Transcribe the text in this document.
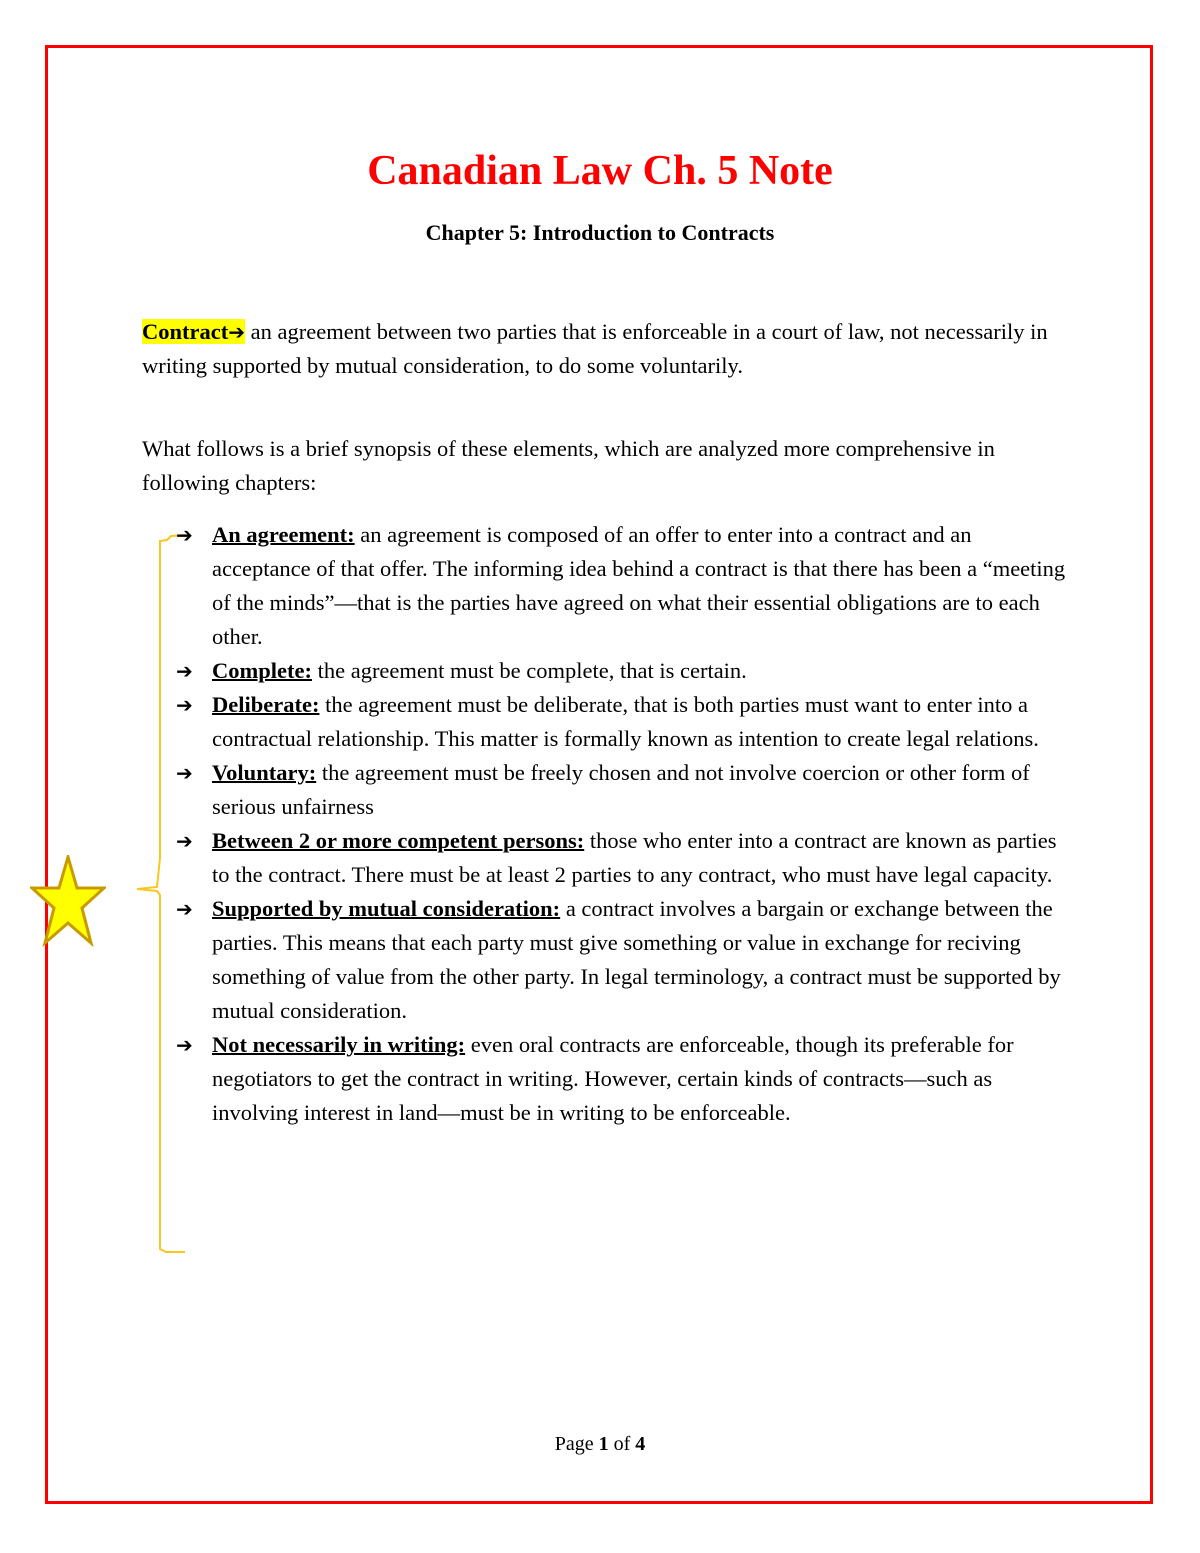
Canadian Law Ch. 5 Note
Chapter 5: Introduction to Contracts

Contract➔ an agreement between two parties that is enforceable in a court of law, not necessarily in writing supported by mutual consideration, to do some voluntarily.

What follows is a brief synopsis of these elements, which are analyzed more comprehensive in following chapters:

➔ An agreement: an agreement is composed of an offer to enter into a contract and an acceptance of that offer. The informing idea behind a contract is that there has been a “meeting of the minds”—that is the parties have agreed on what their essential obligations are to each other.
➔ Complete: the agreement must be complete, that is certain.
➔ Deliberate: the agreement must be deliberate, that is both parties must want to enter into a contractual relationship. This matter is formally known as intention to create legal relations.
➔ Voluntary: the agreement must be freely chosen and not involve coercion or other form of serious unfairness
➔ Between 2 or more competent persons: those who enter into a contract are known as parties to the contract. There must be at least 2 parties to any contract, who must have legal capacity.
➔ Supported by mutual consideration: a contract involves a bargain or exchange between the parties. This means that each party must give something or value in exchange for reciving something of value from the other party. In legal terminology, a contract must be supported by mutual consideration.
➔ Not necessarily in writing: even oral contracts are enforceable, though its preferable for negotiators to get the contract in writing. However, certain kinds of contracts—such as involving interest in land—must be in writing to be enforceable.
Page 1 of 4
